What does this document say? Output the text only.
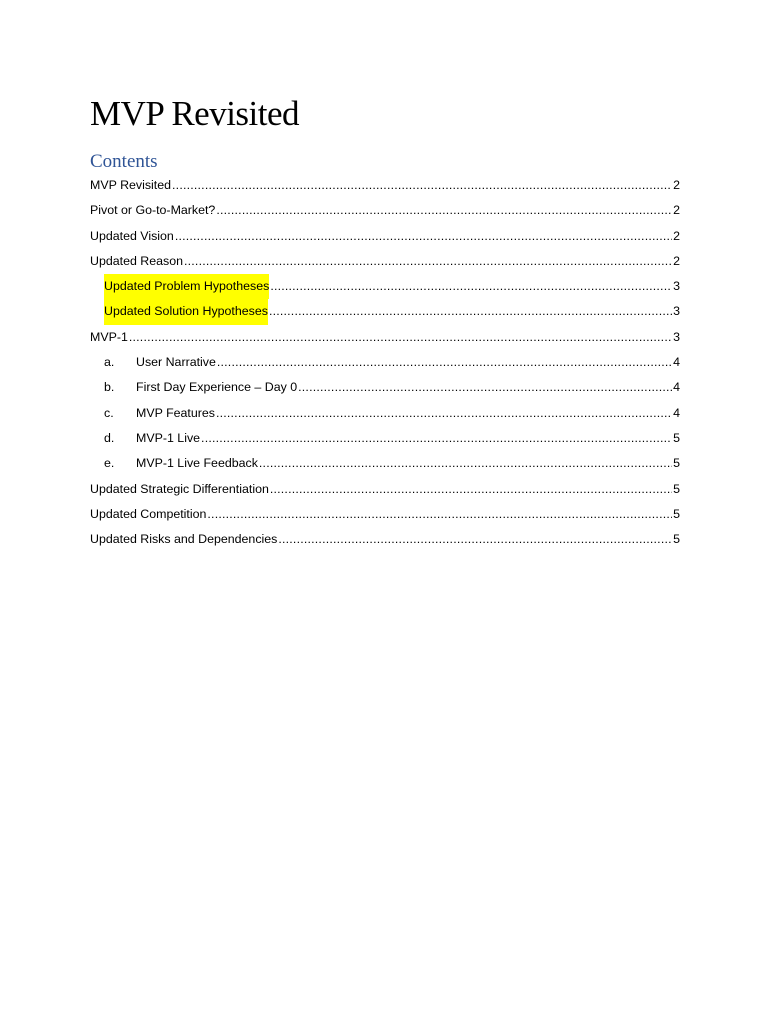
MVP Revisited
Contents
MVP Revisited .....	2
Pivot or Go-to-Market? .....	2
Updated Vision .....	2
Updated Reason .....	2
Updated Problem Hypotheses .....	3
Updated Solution Hypotheses .....	3
MVP-1 .....	3
a.	User Narrative .....	4
b.	First Day Experience – Day 0 .....	4
c.	MVP Features .....	4
d.	MVP-1 Live .....	5
e.	MVP-1 Live Feedback .....	5
Updated Strategic Differentiation .....	5
Updated Competition .....	5
Updated Risks and Dependencies .....	5
